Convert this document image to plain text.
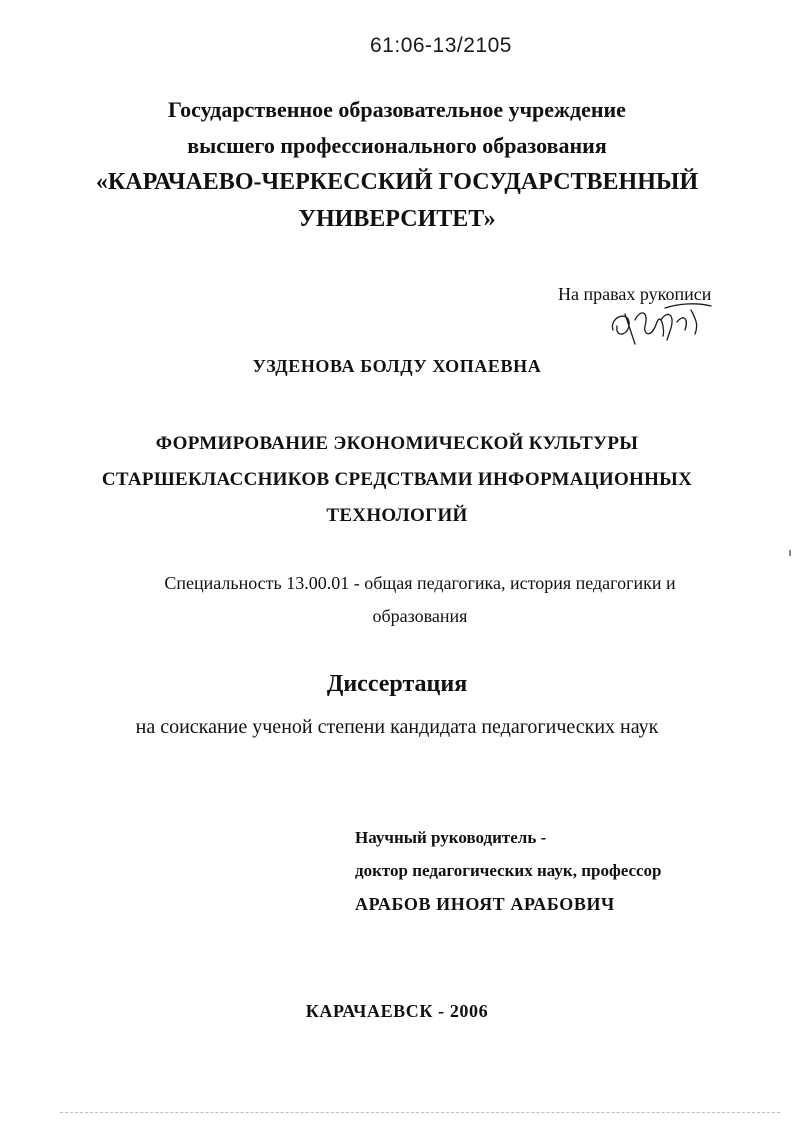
61:06-13/2105
Государственное образовательное учреждение
высшего профессионального образования
«КАРАЧАЕВО-ЧЕРКЕССКИЙ ГОСУДАРСТВЕННЫЙ
УНИВЕРСИТЕТ»
На правах рукописи
УЗДЕНОВА БОЛДУ ХОПАЕВНА
ФОРМИРОВАНИЕ ЭКОНОМИЧЕСКОЙ КУЛЬТУРЫ
СТАРШЕКЛАССНИКОВ СРЕДСТВАМИ ИНФОРМАЦИОННЫХ
ТЕХНОЛОГИЙ
Специальность 13.00.01 - общая педагогика, история педагогики и
образования
Диссертация
на соискание ученой степени кандидата педагогических наук
Научный руководитель -
доктор педагогических наук, профессор
АРАБОВ ИНОЯТ АРАБОВИЧ
КАРАЧАЕВСК - 2006
